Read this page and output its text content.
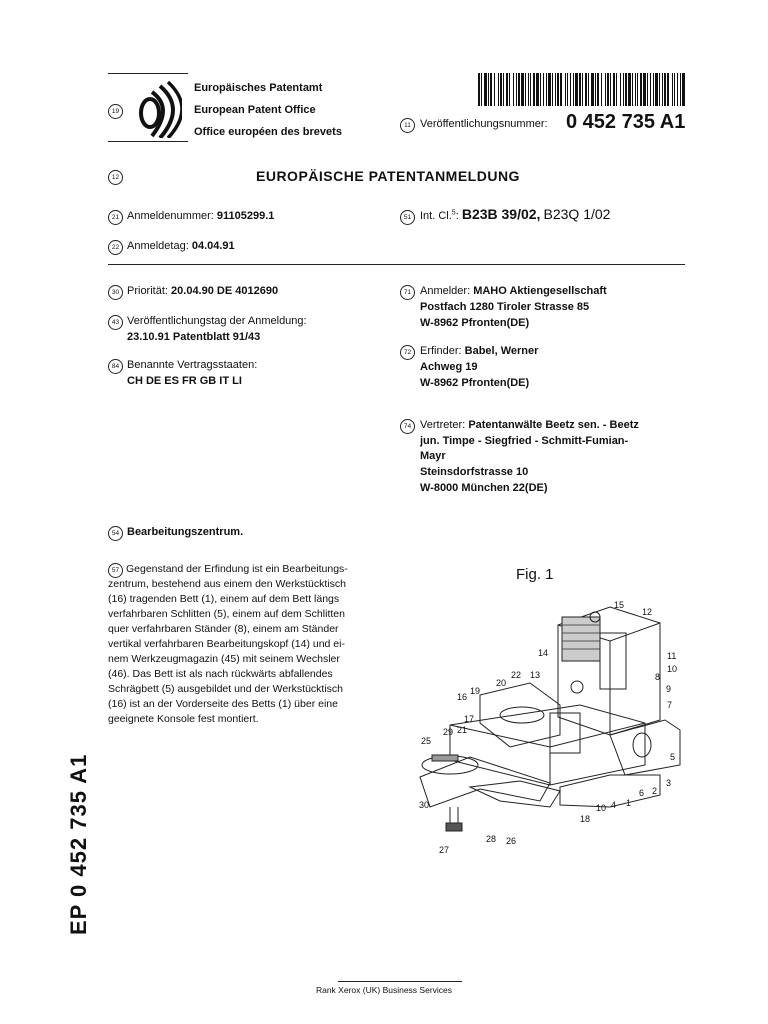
19
Europäisches Patentamt
European Patent Office
Office européen des brevets
11 Veröffentlichungsnummer: 0 452 735 A1
12	EUROPÄISCHE PATENTANMELDUNG
21 Anmeldenummer: 91105299.1
22 Anmeldetag: 04.04.91
51 Int. Cl.$^5$: B23B 39/02, B23Q 1/02
30 Priorität: 20.04.90 DE 4012690
43 Veröffentlichungstag der Anmeldung:
23.10.91 Patentblatt 91/43
84 Benannte Vertragsstaaten:
CH DE ES FR GB IT LI
71 Anmelder: MAHO Aktiengesellschaft
Postfach 1280 Tiroler Strasse 85
W-8962 Pfronten(DE)
72 Erfinder: Babel, Werner
Achweg 19
W-8962 Pfronten(DE)
74 Vertreter: Patentanwälte Beetz sen. - Beetz
jun. Timpe - Siegfried - Schmitt-Fumian-
Mayr
Steinsdorfstrasse 10
W-8000 München 22(DE)
54 Bearbeitungszentrum.
57 Gegenstand der Erfindung ist ein Bearbeitungs-
zentrum, bestehend aus einem den Werkstücktisch
(16) tragenden Bett (1), einem auf dem Bett längs
verfahrbaren Schlitten (5), einem auf dem Schlitten
quer verfahrbaren Ständer (8), einem am Ständer
vertikal verfahrbaren Bearbeitungskopf (14) und ei-
nem Werkzeugmagazin (45) mit seinem Wechsler
(46). Das Bett ist als nach rückwärts abfallendes
Schrägbett (5) ausgebildet und der Werkstücktisch
(16) ist an der Vorderseite des Betts (1) über eine
geeignete Konsole fest montiert.
Fig. 1
15
12
14	11
10
22 13	8
20
9
16
19
7
17
29 21
25
5
3
2
6
1
4
10
18
30
28 26
27
EP 0 452 735 A1
Rank Xerox (UK) Business Services
